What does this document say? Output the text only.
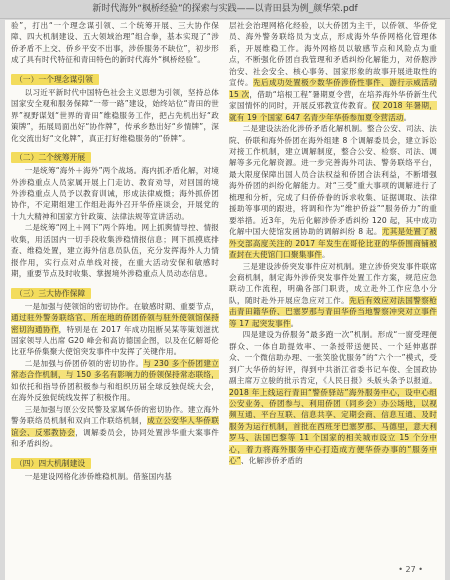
新时代海外“枫桥经验”的探索与实践——以青田县为例_颜华荣.pdf

验”，打出“一个理念谋引领、二个统筹开展、三大协作保障、四大机制建设、五大领域治理”组合拳，基本实现了“涉侨矛盾不上交、侨乡平安不出事，涉侨服务不缺位”，初步形成了具有时代特征和青田特色的新时代海外“枫桥经验”。

（一）一个理念谋引领

以习近平新时代中国特色社会主义思想为引领，坚持总体国家安全观和服务保障“一带一路”建设，始终站位“青田的世界”视野谋划“世界的青田”维稳服务工作，把占先机出好“政策牌”，拓展局面出好“协作牌”，传承乡愁出好“乡情牌”，深化交流出好“文化牌”，真正打好维稳服务的“侨牌”。

（二）二个统筹开展

一是统筹“海外＋海外”两个战场。海内抓矛盾化解，对境外涉稳重点人员家属开展上门走访、教育劝导，对回国的境外涉稳重点人员予以教育训诫，形成法律威慑；海外抓侨团协作，不定期组建工作组赴海外召开华侨座谈会，开展党的十九大精神和国家方针政策、法律法规等宣讲活动。

二是统筹“网上＋网下”两个阵地。网上抓舆情导控、情报收集，用活国内一切手段收集涉稳情报信息；网下抓摸底排查、维稳处置，建立海外信息员队伍，充分发挥海外人力情报作用，实行点对点单线对接，在重大活动安保和敏感时期，重要节点及时收集、掌握境外涉稳重点人员动态信息。

（三）三大协作保障

一是加强与使领馆的密切协作。在敏感时期、重要节点，通过驻外警务联络官、所在地的侨团侨领与驻外使领馆保持密切沟通协作，特别是在 2017 年成功阻断吴某等策划滋扰国家领导人出席 G20 峰会和高访德国企图，以及在亿解哥伦比亚华侨集聚大使馆突发事件中发挥了关键作用。

二是加强与侨团侨领的密切协作。与 230 多个侨团建立常态合作机制，与 150 多名有影响力的侨领保持常态联络，如依托和指导侨团积极参与和组织历届全球反独促统大会，在海外反独促统线发挥了积极作用。

三是加强与原公安民警及家属华侨的密切协作。建立海外警务联络员机制和双向工作联络机制，成立公安华人华侨联谊会、反邪教协会，调解委员会，协同处置涉华重大案事件和矛盾纠纷。

（四）四大机制建设

一是建设网格化涉侨维稳机制。借鉴国内基

层社会治理网格化经验，以大侨团为主干，以侨领、华侨党员、海外警务联络员为支点，形成海外华侨网格化管理体系，开展维稳工作。海外网格员以敏感节点和风险点为重点，不断强化侨团自我管理和矛盾纠纷化解能力，对侨胞涉治安、社会安全、核心事务、国家形象的故事开展进取性的宣传。先后成功处置极少数华侨涉侨性事件、游行示威活动 15 次，借助“培根工程”暑期夏令营，在培养海外华侨新生代家国情怀的同时，开展反邪教宣传教育。仅 2018 年暑期，就有 19 个国家 647 名青少年华侨参加夏令营活动。

二是建设法治化涉侨矛盾化解机制。整合公安、司法、法院、侨联和海外侨团在海外组建 8 个调解委员会，建立诉讼对接工作机制，建立调解制度，整合公安、检察、司法、调解等多元化解资源。进一步完善海外司法、警务联络平台，最大限度保障出国人员合法权益和侨团合法利益，不断增强海外侨团的纠纷化解能力。对“三受”重大事项的调解进行了梳理和分析，完成了归侨侨眷的诉求收集、证据调取、法律援助等事项的跟进，将调和作为“维护侨益”“服务侨力”的重要举措。近3年，先后化解涉侨矛盾纠纷 120 起，其中成功化解中国大使馆发函协助的调解纠纷 8 起。尤其是处置了被外交部高度关注的 2017 年发生在哥伦比亚的华侨围商铺被查封在大使馆门口聚集事件。

三是建设涉侨突发事件应对机制。建立涉侨突发事件联席会商机制，制定海外涉侨突发事件处置工作方案，规范应急联动工作流程，明确各部门职责，成立赴外工作应急小分队，随时赴外开展应急应对工作。先后有效应对法国警察枪击青田籍华侨、巴塞罗那与青田华侨当地警察冲突对立事件等 17 起突发事件。

四是建设为侨服务“最多跑一次”机制。形成“一窗受理便群众、一体自助提效率、一条授带送便民、一个延伸惠群众、一个微信助办理、一张笑脸优服务”的“六个一”模式，受到广大华侨的好评，得到中共浙江省委书记车俊、全国政协副主席万立骏的批示肯定，《人民日报》头版头条予以报道。2018 年上线运行青田“警侨驿站”海外服务中心，设中心组公安业务、侨团参与、利用侨团（同乡会）办公场地，以视频互通、平台互联、信息共享、定期会商、信息互通、及时服务为运行机制，首批在西班牙巴塞罗那、马德里，意大利罗马、法国巴黎等 11 个国家的相关城市设立 15 个分中心，着力将海外服务中心打造成方便华侨办事的“服务中心”、化解涉侨矛盾的

• 27 •
